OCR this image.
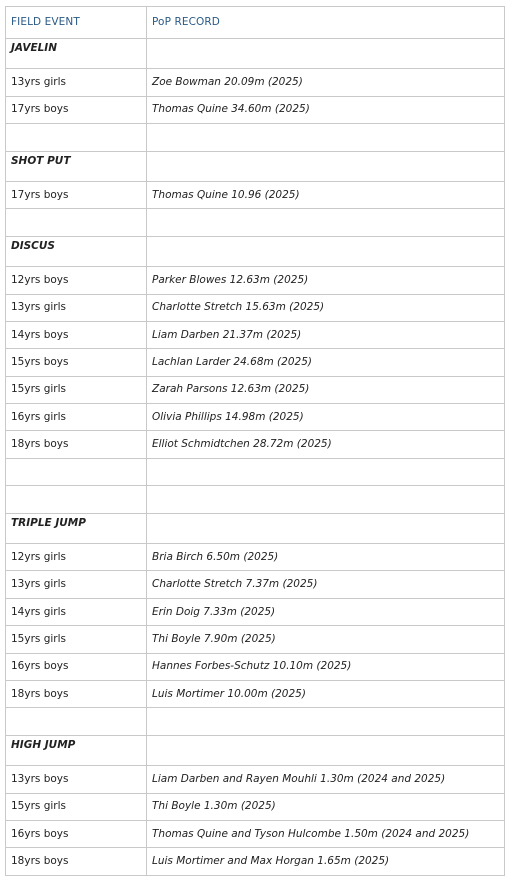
FIELD EVENT	PoP RECORD
JAVELIN	
13yrs girls	Zoe Bowman 20.09m (2025)
17yrs boys	Thomas Quine 34.60m (2025)

SHOT PUT	
17yrs boys	Thomas Quine 10.96 (2025)

DISCUS	
12yrs boys	Parker Blowes 12.63m (2025)
13yrs girls	Charlotte Stretch 15.63m (2025)
14yrs boys	Liam Darben 21.37m (2025)
15yrs boys	Lachlan Larder 24.68m (2025)
15yrs girls	Zarah Parsons 12.63m (2025)
16yrs girls	Olivia Phillips 14.98m (2025)
18yrs boys	Elliot Schmidtchen 28.72m (2025)

TRIPLE JUMP	
12yrs girls	Bria Birch 6.50m (2025)
13yrs girls	Charlotte Stretch 7.37m (2025)
14yrs girls	Erin Doig 7.33m (2025)
15yrs girls	Thi Boyle 7.90m (2025)
16yrs boys	Hannes Forbes-Schutz 10.10m (2025)
18yrs boys	Luis Mortimer 10.00m (2025)

HIGH JUMP	
13yrs boys	Liam Darben and Rayen Mouhli 1.30m (2024 and 2025)
15yrs girls	Thi Boyle 1.30m (2025)
16yrs boys	Thomas Quine and Tyson Hulcombe 1.50m (2024 and 2025)
18yrs boys	Luis Mortimer and Max Horgan 1.65m (2025)
